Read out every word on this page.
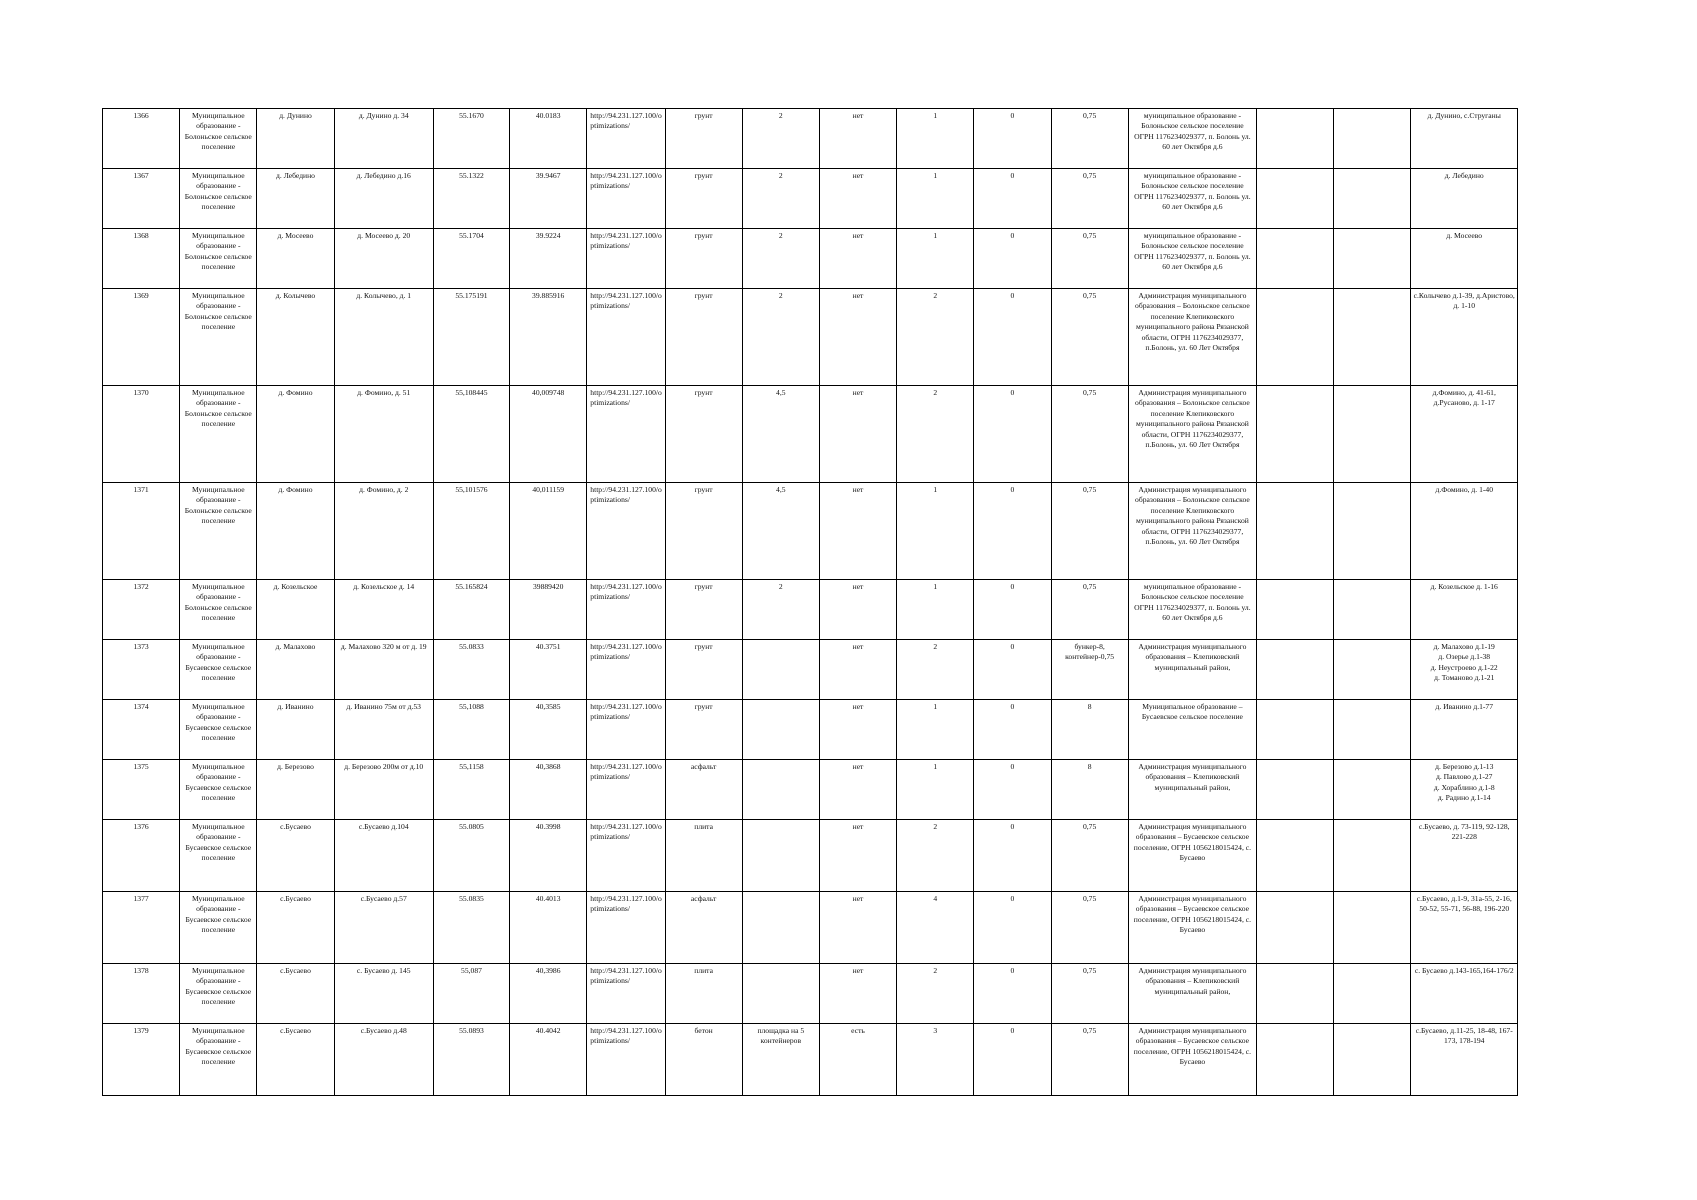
1366	Муниципальное образование - Болоньское сельское поселение	д. Дунино	д. Дунино д. 34	55.1670	40.0183	http://94.231.127.100/optimizations/	грунт	2	нет	1	0	0,75	муниципальное образование - Болоньское сельское поселение ОГРН 1176234029377, п. Болонь ул. 60 лет Октября д.6			д. Дунино, с.Струганы
1367	Муниципальное образование - Болоньское сельское поселение	д. Лебедино	д. Лебедино д.16	55.1322	39.9467	http://94.231.127.100/optimizations/	грунт	2	нет	1	0	0,75	муниципальное образование - Болоньское сельское поселение ОГРН 1176234029377, п. Болонь ул. 60 лет Октября д.6			д. Лебедино
1368	Муниципальное образование - Болоньское сельское поселение	д. Мосеево	д. Мосеево д. 20	55.1704	39.9224	http://94.231.127.100/optimizations/	грунт	2	нет	1	0	0,75	муниципальное образование - Болоньское сельское поселение ОГРН 1176234029377, п. Болонь ул. 60 лет Октября д.6			д. Мосеево
1369	Муниципальное образование - Болоньское сельское поселение	д. Колычево	д. Колычево, д. 1	55.175191	39.885916	http://94.231.127.100/optimizations/	грунт	2	нет	2	0	0,75	Администрация муниципального образования – Болоньское сельское поселение Клепиковского муниципального района Рязанской области, ОГРН 1176234029377, п.Болонь, ул. 60 Лет Октября			с.Колычево д.1-39, д.Аристово, д. 1-10
1370	Муниципальное образование - Болоньское сельское поселение	д. Фомино	д. Фомино, д. 51	55,108445	40,009748	http://94.231.127.100/optimizations/	грунт	4,5	нет	2	0	0,75	Администрация муниципального образования – Болоньское сельское поселение Клепиковского муниципального района Рязанской области, ОГРН 1176234029377, п.Болонь, ул. 60 Лет Октября			д.Фомино, д. 41-61, д.Русаново, д. 1-17
1371	Муниципальное образование - Болоньское сельское поселение	д. Фомино	д. Фомино, д. 2	55,101576	40,011159	http://94.231.127.100/optimizations/	грунт	4,5	нет	1	0	0,75	Администрация муниципального образования – Болоньское сельское поселение Клепиковского муниципального района Рязанской области, ОГРН 1176234029377, п.Болонь, ул. 60 Лет Октября			д.Фомино, д. 1-40
1372	Муниципальное образование - Болоньское сельское поселение	д. Козельское	д. Козельское д. 14	55.165824	39889420	http://94.231.127.100/optimizations/	грунт	2	нет	1	0	0,75	муниципальное образование - Болоньское сельское поселение ОГРН 1176234029377, п. Болонь ул. 60 лет Октября д.6			д. Козельское д. 1-16
1373	Муниципальное образование - Бусаевское сельское поселение	д. Малахово	д. Малахово 320 м от д. 19	55.0833	40.3751	http://94.231.127.100/optimizations/	грунт		нет	2	0	бункер-8, контейнер-0,75	Администрация муниципального образования – Клепиковский муниципальный район,			д. Малахово д.1-19
д. Озерье д.1-38
д. Неустроево д.1-22
д. Томаново д.1-21
1374	Муниципальное образование - Бусаевское сельское поселение	д. Иванино	д. Иванино 75м от д.53	55,1088	40,3585	http://94.231.127.100/optimizations/	грунт		нет	1	0	8	Муниципальное образование – Бусаевское сельское поселение			д. Иванино д.1-77
1375	Муниципальное образование - Бусаевское сельское поселение	д. Березово	д. Березово 200м от д.10	55,1158	40,3868	http://94.231.127.100/optimizations/	асфальт		нет	1	0	8	Администрация муниципального образования – Клепиковский муниципальный район,			д. Березово д.1-13
д. Павлово д.1-27
д. Хораблино д.1-8
д. Радино д.1-14
1376	Муниципальное образование - Бусаевское сельское поселение	с.Бусаево	с.Бусаево д.104	55.0805	40.3998	http://94.231.127.100/optimizations/	плита		нет	2	0	0,75	Администрация муниципального образования – Бусаевское сельское поселение, ОГРН 1056218015424, с. Бусаево			с.Бусаево, д. 73-119, 92-128, 221-228
1377	Муниципальное образование - Бусаевское сельское поселение	с.Бусаево	с.Бусаево д.57	55.0835	40.4013	http://94.231.127.100/optimizations/	асфальт		нет	4	0	0,75	Администрация муниципального образования – Бусаевское сельское поселение, ОГРН 1056218015424, с. Бусаево			с.Бусаево, д.1-9, 31а-55, 2-16, 50-52, 55-71, 56-88, 196-220
1378	Муниципальное образование - Бусаевское сельское поселение	с.Бусаево	с. Бусаево д. 145	55,087	40,3986	http://94.231.127.100/optimizations/	плита		нет	2	0	0,75	Администрация муниципального образования – Клепиковский муниципальный район,			с. Бусаево д.143-165,164-176/2
1379	Муниципальное образование - Бусаевское сельское поселение	с.Бусаево	с.Бусаево д.48	55.0893	40.4042	http://94.231.127.100/optimizations/	бетон	площадка на 5 контейнеров	есть	3	0	0,75	Администрация муниципального образования – Бусаевское сельское поселение, ОГРН 1056218015424, с. Бусаево			с.Бусаево, д.11-25, 18-48, 167-173, 178-194
